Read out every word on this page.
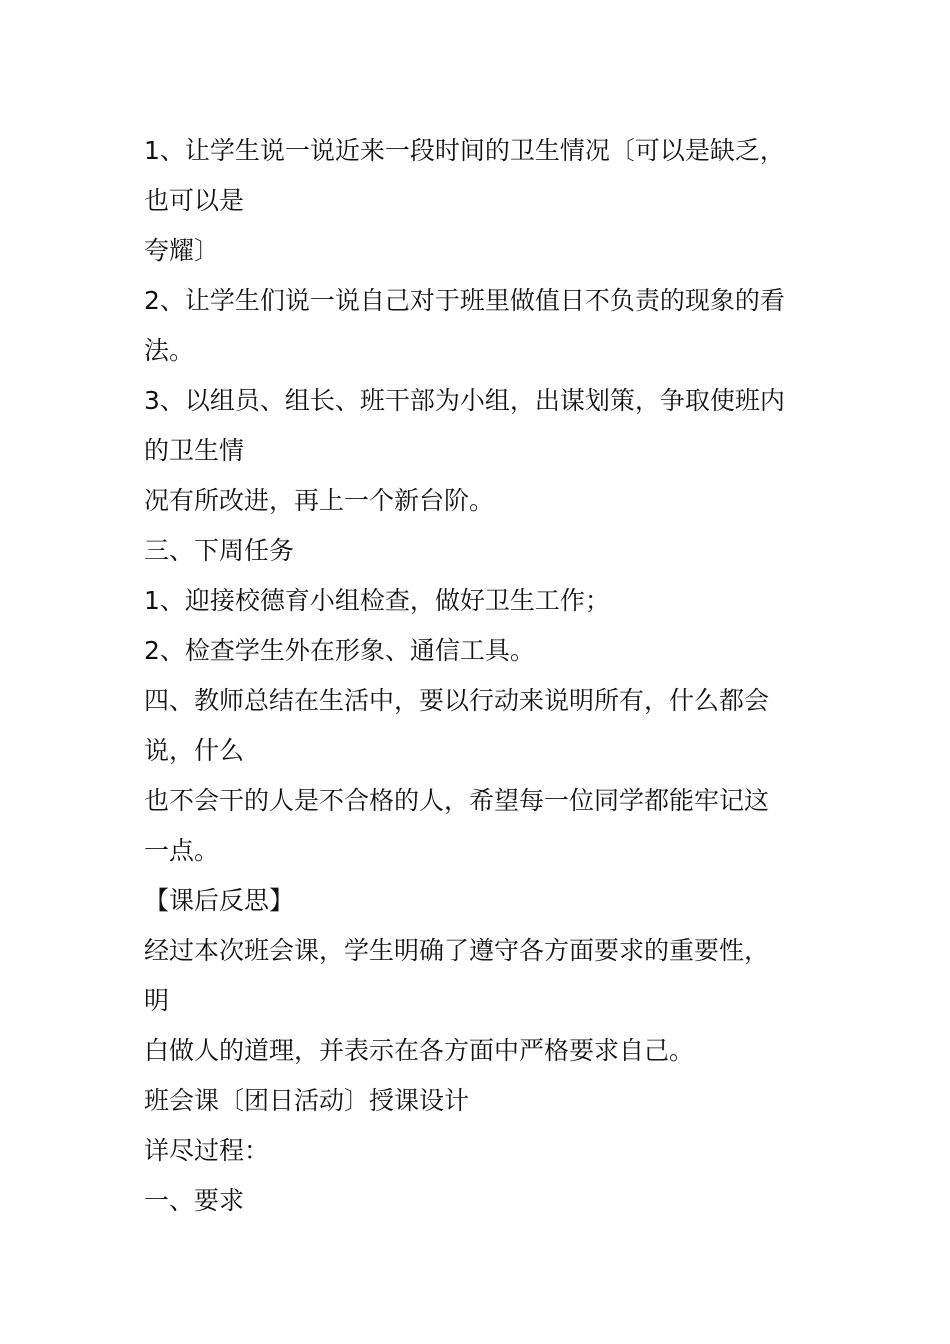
1、让学生说一说近来一段时间的卫生情况〔可以是缺乏，

也可以是

夸耀〕

2、让学生们说一说自己对于班里做值日不负责的现象的看

法。

3、以组员、组长、班干部为小组，出谋划策，争取使班内

的卫生情

况有所改进，再上一个新台阶。

三、下周任务

1、迎接校德育小组检查，做好卫生工作；

2、检查学生外在形象、通信工具。

四、教师总结在生活中，要以行动来说明所有，什么都会

说，什么

也不会干的人是不合格的人，希望每一位同学都能牢记这

一点。

【课后反思】

经过本次班会课，学生明确了遵守各方面要求的重要性，

明

白做人的道理，并表示在各方面中严格要求自己。

班会课〔团日活动〕授课设计

详尽过程：

一、要求
